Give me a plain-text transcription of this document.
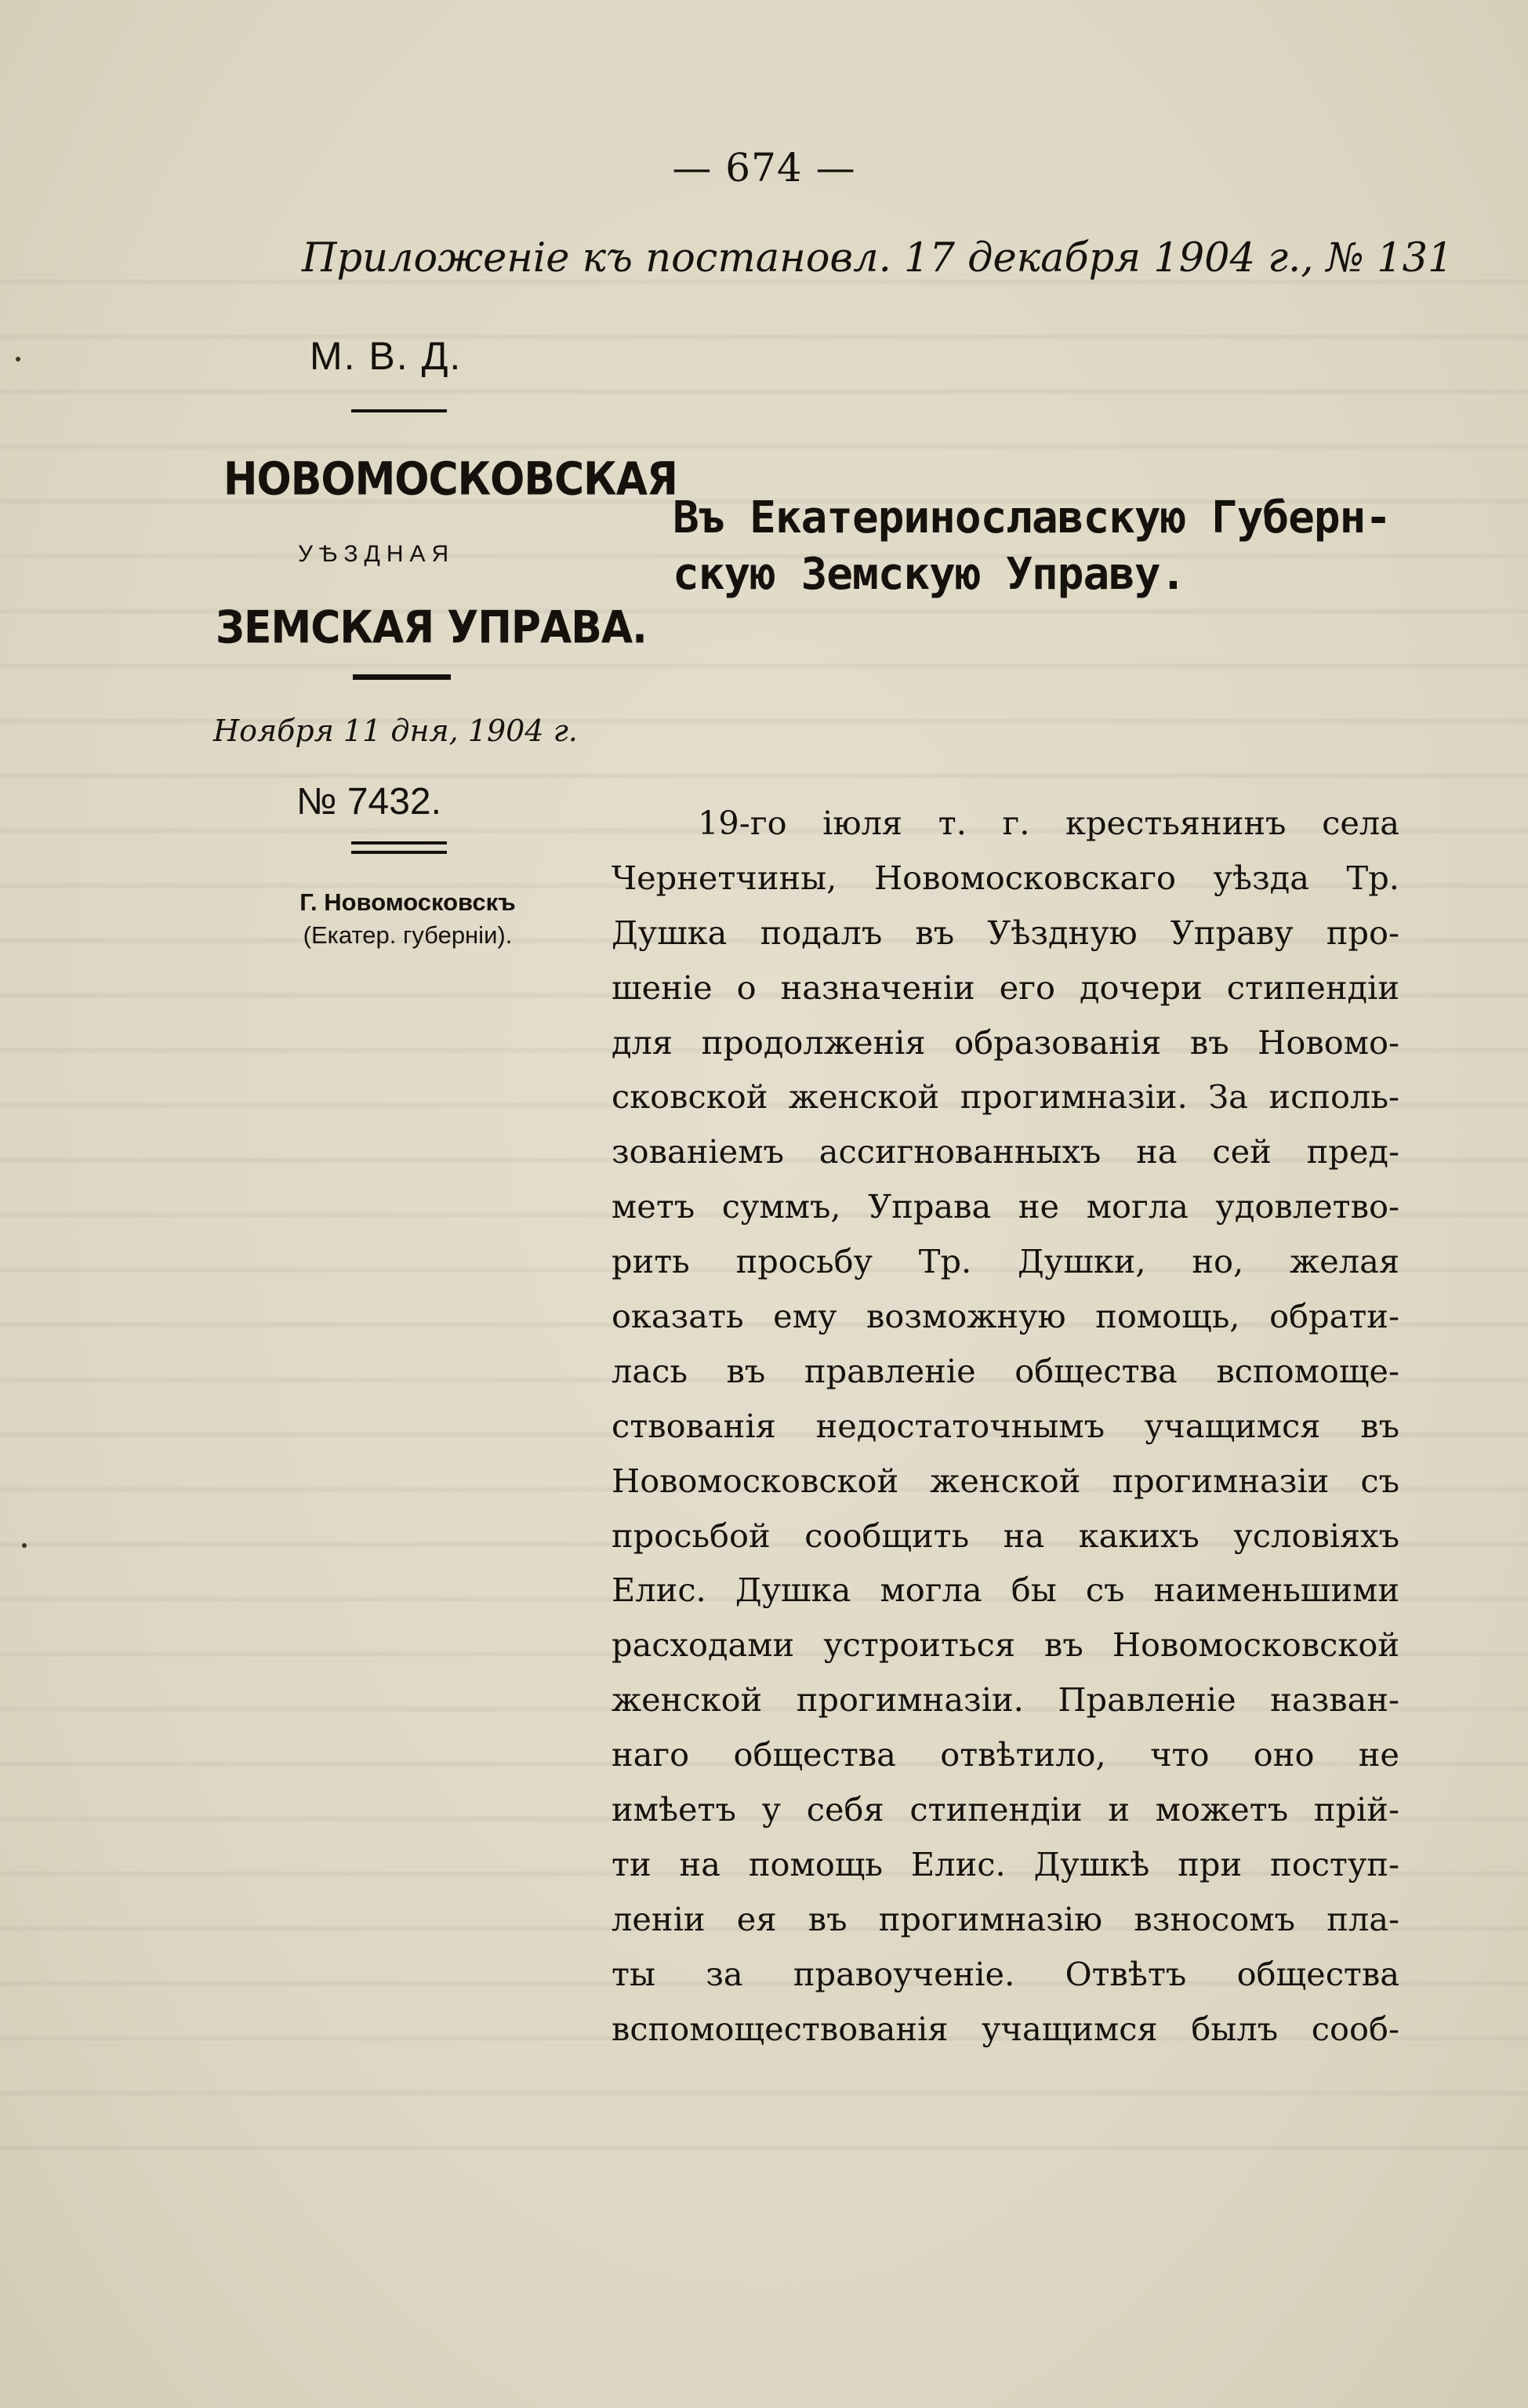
— 674 —
Приложенiе къ постановл. 17 декабря 1904 г., № 131
М. В. Д.
НОВОМОСКОВСКАЯ
УѢЗДНАЯ
ЗЕМСКАЯ УПРАВА.
Ноября 11 дня, 1904 г.
№ 7432.
Г. Новомосковскъ
(Екатер. губернiи).
Въ Екатеринославскую Губерн-
скую Земскую Управу.
19-го iюля т. г. крестьянинъ села
Чернетчины, Новомосковскаго уѣзда Тр.
Душка подалъ въ Уѣздную Управу про-
шенiе о назначенiи его дочери стипендiи
для продолженiя образованiя въ Новомо-
сковской женской прогимназiи. За исполь-
зованiемъ ассигнованныхъ на сей пред-
метъ суммъ, Управа не могла удовлетво-
рить просьбу Тр. Душки, но, желая
оказать ему возможную помощь, обрати-
лась въ правленiе общества вспомоще-
ствованiя недостаточнымъ учащимся въ
Новомосковской женской прогимназiи съ
просьбой сообщить на какихъ условiяхъ
Елис. Душка могла бы съ наименьшими
расходами устроиться въ Новомосковской
женской прогимназiи. Правленiе назван-
наго общества отвѣтило, что оно не
имѣетъ у себя стипендiи и можетъ прiй-
ти на помощь Елис. Душкѣ при поступ-
ленiи ея въ прогимназiю взносомъ пла-
ты за правоученiе. Отвѣтъ общества
вспомоществованiя учащимся былъ сооб-
